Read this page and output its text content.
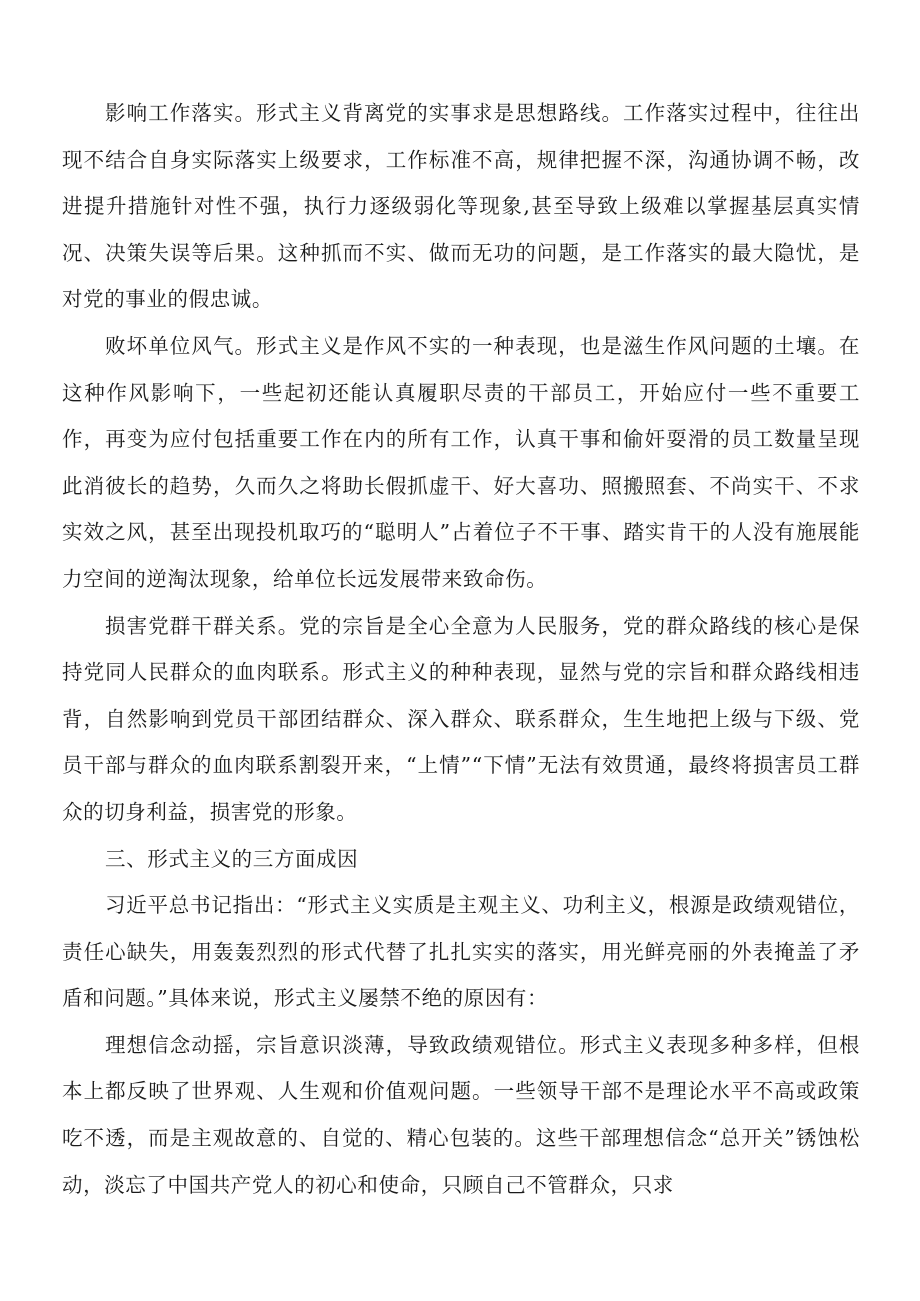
影响工作落实。形式主义背离党的实事求是思想路线。工作落实过程中，往往出现不结合自身实际落实上级要求，工作标准不高，规律把握不深，沟通协调不畅，改进提升措施针对性不强，执行力逐级弱化等现象,甚至导致上级难以掌握基层真实情况、决策失误等后果。这种抓而不实、做而无功的问题，是工作落实的最大隐忧，是对党的事业的假忠诚。

败坏单位风气。形式主义是作风不实的一种表现，也是滋生作风问题的土壤。在这种作风影响下，一些起初还能认真履职尽责的干部员工，开始应付一些不重要工作，再变为应付包括重要工作在内的所有工作，认真干事和偷奸耍滑的员工数量呈现此消彼长的趋势，久而久之将助长假抓虚干、好大喜功、照搬照套、不尚实干、不求实效之风，甚至出现投机取巧的“聪明人”占着位子不干事、踏实肯干的人没有施展能力空间的逆淘汰现象，给单位长远发展带来致命伤。

损害党群干群关系。党的宗旨是全心全意为人民服务，党的群众路线的核心是保持党同人民群众的血肉联系。形式主义的种种表现，显然与党的宗旨和群众路线相违背，自然影响到党员干部团结群众、深入群众、联系群众，生生地把上级与下级、党员干部与群众的血肉联系割裂开来，“上情”“下情”无法有效贯通，最终将损害员工群众的切身利益，损害党的形象。

三、形式主义的三方面成因

习近平总书记指出：“形式主义实质是主观主义、功利主义，根源是政绩观错位，责任心缺失，用轰轰烈烈的形式代替了扎扎实实的落实，用光鲜亮丽的外表掩盖了矛盾和问题。”具体来说，形式主义屡禁不绝的原因有：

理想信念动摇，宗旨意识淡薄，导致政绩观错位。形式主义表现多种多样，但根本上都反映了世界观、人生观和价值观问题。一些领导干部不是理论水平不高或政策吃不透，而是主观故意的、自觉的、精心包装的。这些干部理想信念“总开关”锈蚀松动，淡忘了中国共产党人的初心和使命，只顾自己不管群众，只求
